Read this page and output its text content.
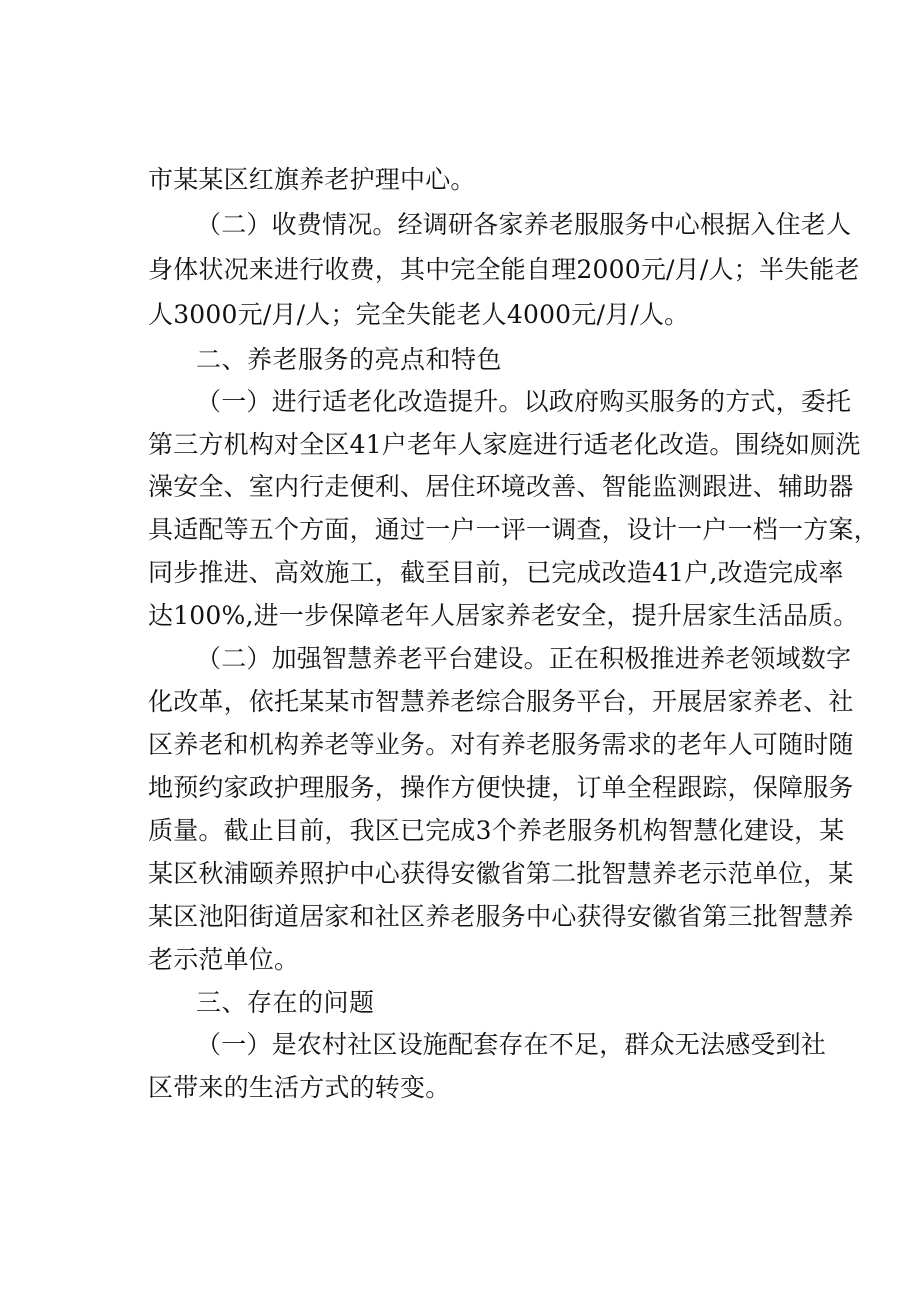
市某某区红旗养老护理中心。
（二）收费情况。经调研各家养老服服务中心根据入住老人
身体状况来进行收费，其中完全能自理2000元/月/人；半失能老
人3000元/月/人；完全失能老人4000元/月/人。
二、养老服务的亮点和特色
（一）进行适老化改造提升。以政府购买服务的方式，委托
第三方机构对全区41户老年人家庭进行适老化改造。围绕如厕洗
澡安全、室内行走便利、居住环境改善、智能监测跟进、辅助器
具适配等五个方面，通过一户一评一调查，设计一户一档一方案，
同步推进、高效施工，截至目前，已完成改造41户,改造完成率
达100%,进一步保障老年人居家养老安全，提升居家生活品质。
（二）加强智慧养老平台建设。正在积极推进养老领域数字
化改革，依托某某市智慧养老综合服务平台，开展居家养老、社
区养老和机构养老等业务。对有养老服务需求的老年人可随时随
地预约家政护理服务，操作方便快捷，订单全程跟踪，保障服务
质量。截止目前，我区已完成3个养老服务机构智慧化建设，某
某区秋浦颐养照护中心获得安徽省第二批智慧养老示范单位，某
某区池阳街道居家和社区养老服务中心获得安徽省第三批智慧养
老示范单位。
三、存在的问题
（一）是农村社区设施配套存在不足，群众无法感受到社
区带来的生活方式的转变。
